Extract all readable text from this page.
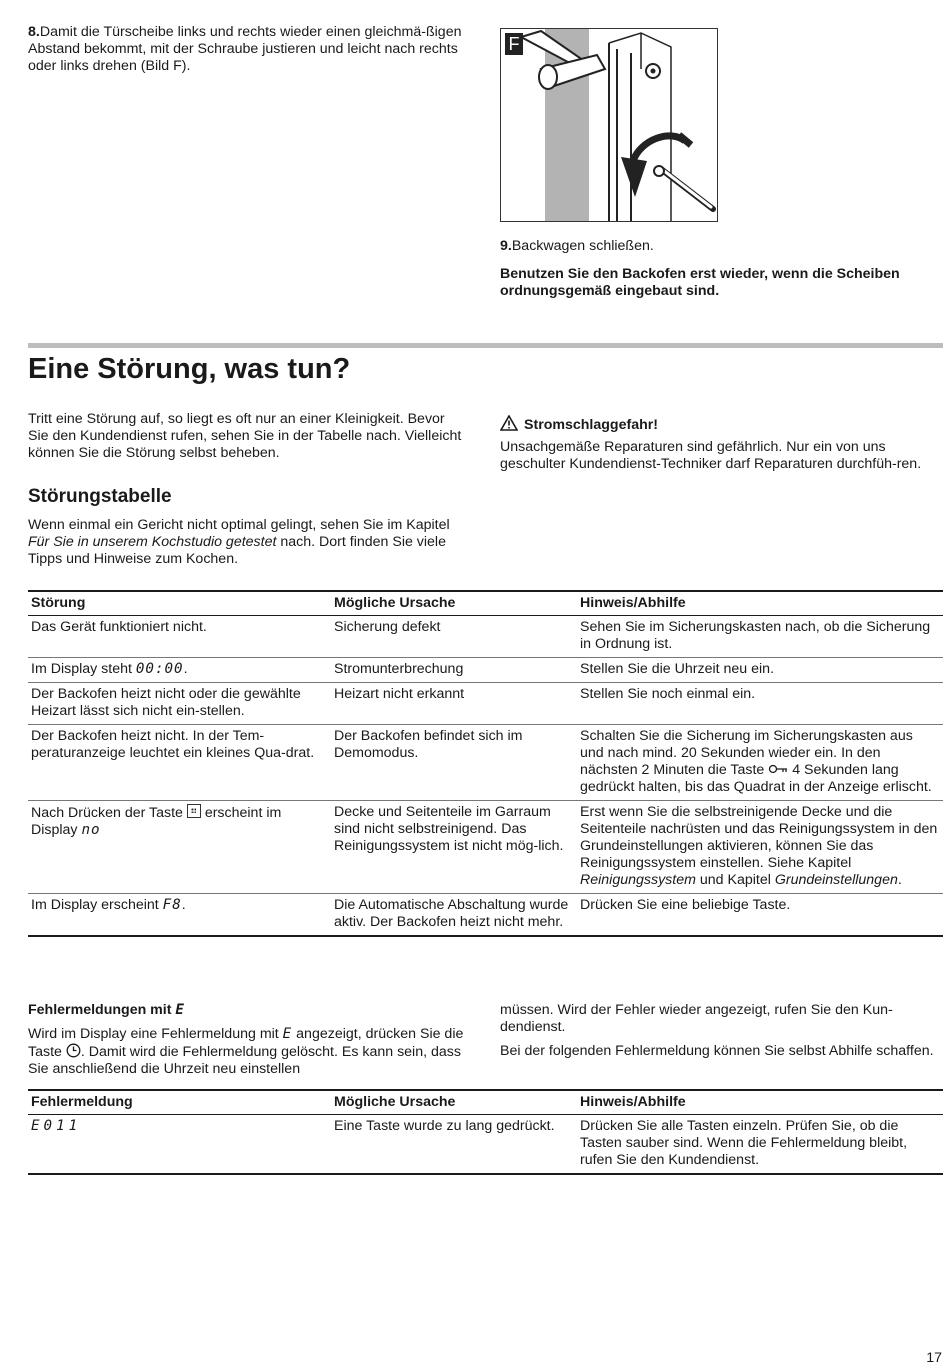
8.Damit die Türscheibe links und rechts wieder einen gleichmä-ßigen Abstand bekommt, mit der Schraube justieren und leicht nach rechts oder links drehen (Bild F).

F

9.Backwagen schließen.

Benutzen Sie den Backofen erst wieder, wenn die Scheiben ordnungsgemäß eingebaut sind.
Eine Störung, was tun?
Tritt eine Störung auf, so liegt es oft nur an einer Kleinigkeit. Bevor Sie den Kundendienst rufen, sehen Sie in der Tabelle nach. Vielleicht können Sie die Störung selbst beheben.

Stromschlaggefahr!

Unsachgemäße Reparaturen sind gefährlich. Nur ein von uns geschulter Kundendienst-Techniker darf Reparaturen durchfüh-ren.

Störungstabelle
Wenn einmal ein Gericht nicht optimal gelingt, sehen Sie im Kapitel Für Sie in unserem Kochstudio getestet nach. Dort finden Sie viele Tipps und Hinweise zum Kochen.
Störung	Mögliche Ursache	Hinweis/Abhilfe
Das Gerät funktioniert nicht.	Sicherung defekt	Sehen Sie im Sicherungskasten nach, ob die Sicherung in Ordnung ist.
Im Display steht 00:00.	Stromunterbrechung	Stellen Sie die Uhrzeit neu ein.
Der Backofen heizt nicht oder die gewählte Heizart lässt sich nicht ein-stellen.	Heizart nicht erkannt	Stellen Sie noch einmal ein.
Der Backofen heizt nicht. In der Tem-peraturanzeige leuchtet ein kleines Qua-drat.	Der Backofen befindet sich im Demomodus.	Schalten Sie die Sicherung im Sicherungskasten aus und nach mind. 20 Sekunden wieder ein. In den nächsten 2 Minuten die Taste  4 Sekunden lang gedrückt halten, bis das Quadrat in der Anzeige erlischt.
Nach Drücken der Taste  erscheint im Display no	Decke und Seitenteile im Garraum sind nicht selbstreinigend. Das Reinigungssystem ist nicht mög-lich.	Erst wenn Sie die selbstreinigende Decke und die Seitenteile nachrüsten und das Reinigungssystem in den Grundeinstellungen aktivieren, können Sie das Reinigungssystem einstellen. Siehe Kapitel Reinigungssystem und Kapitel Grundeinstellungen.
Im Display erscheint F8.	Die Automatische Abschaltung wurde aktiv. Der Backofen heizt nicht mehr.	Drücken Sie eine beliebige Taste.

Fehlermeldungen mit E

Wird im Display eine Fehlermeldung mit E angezeigt, drücken Sie die Taste . Damit wird die Fehlermeldung gelöscht. Es kann sein, dass Sie anschließend die Uhrzeit neu einstellen

müssen. Wird der Fehler wieder angezeigt, rufen Sie den Kun-dendienst.

Bei der folgenden Fehlermeldung können Sie selbst Abhilfe schaffen.

Fehlermeldung	Mögliche Ursache	Hinweis/Abhilfe
E011	Eine Taste wurde zu lang gedrückt.	Drücken Sie alle Tasten einzeln. Prüfen Sie, ob die Tasten sauber sind. Wenn die Fehlermeldung bleibt, rufen Sie den Kundendienst.
17
